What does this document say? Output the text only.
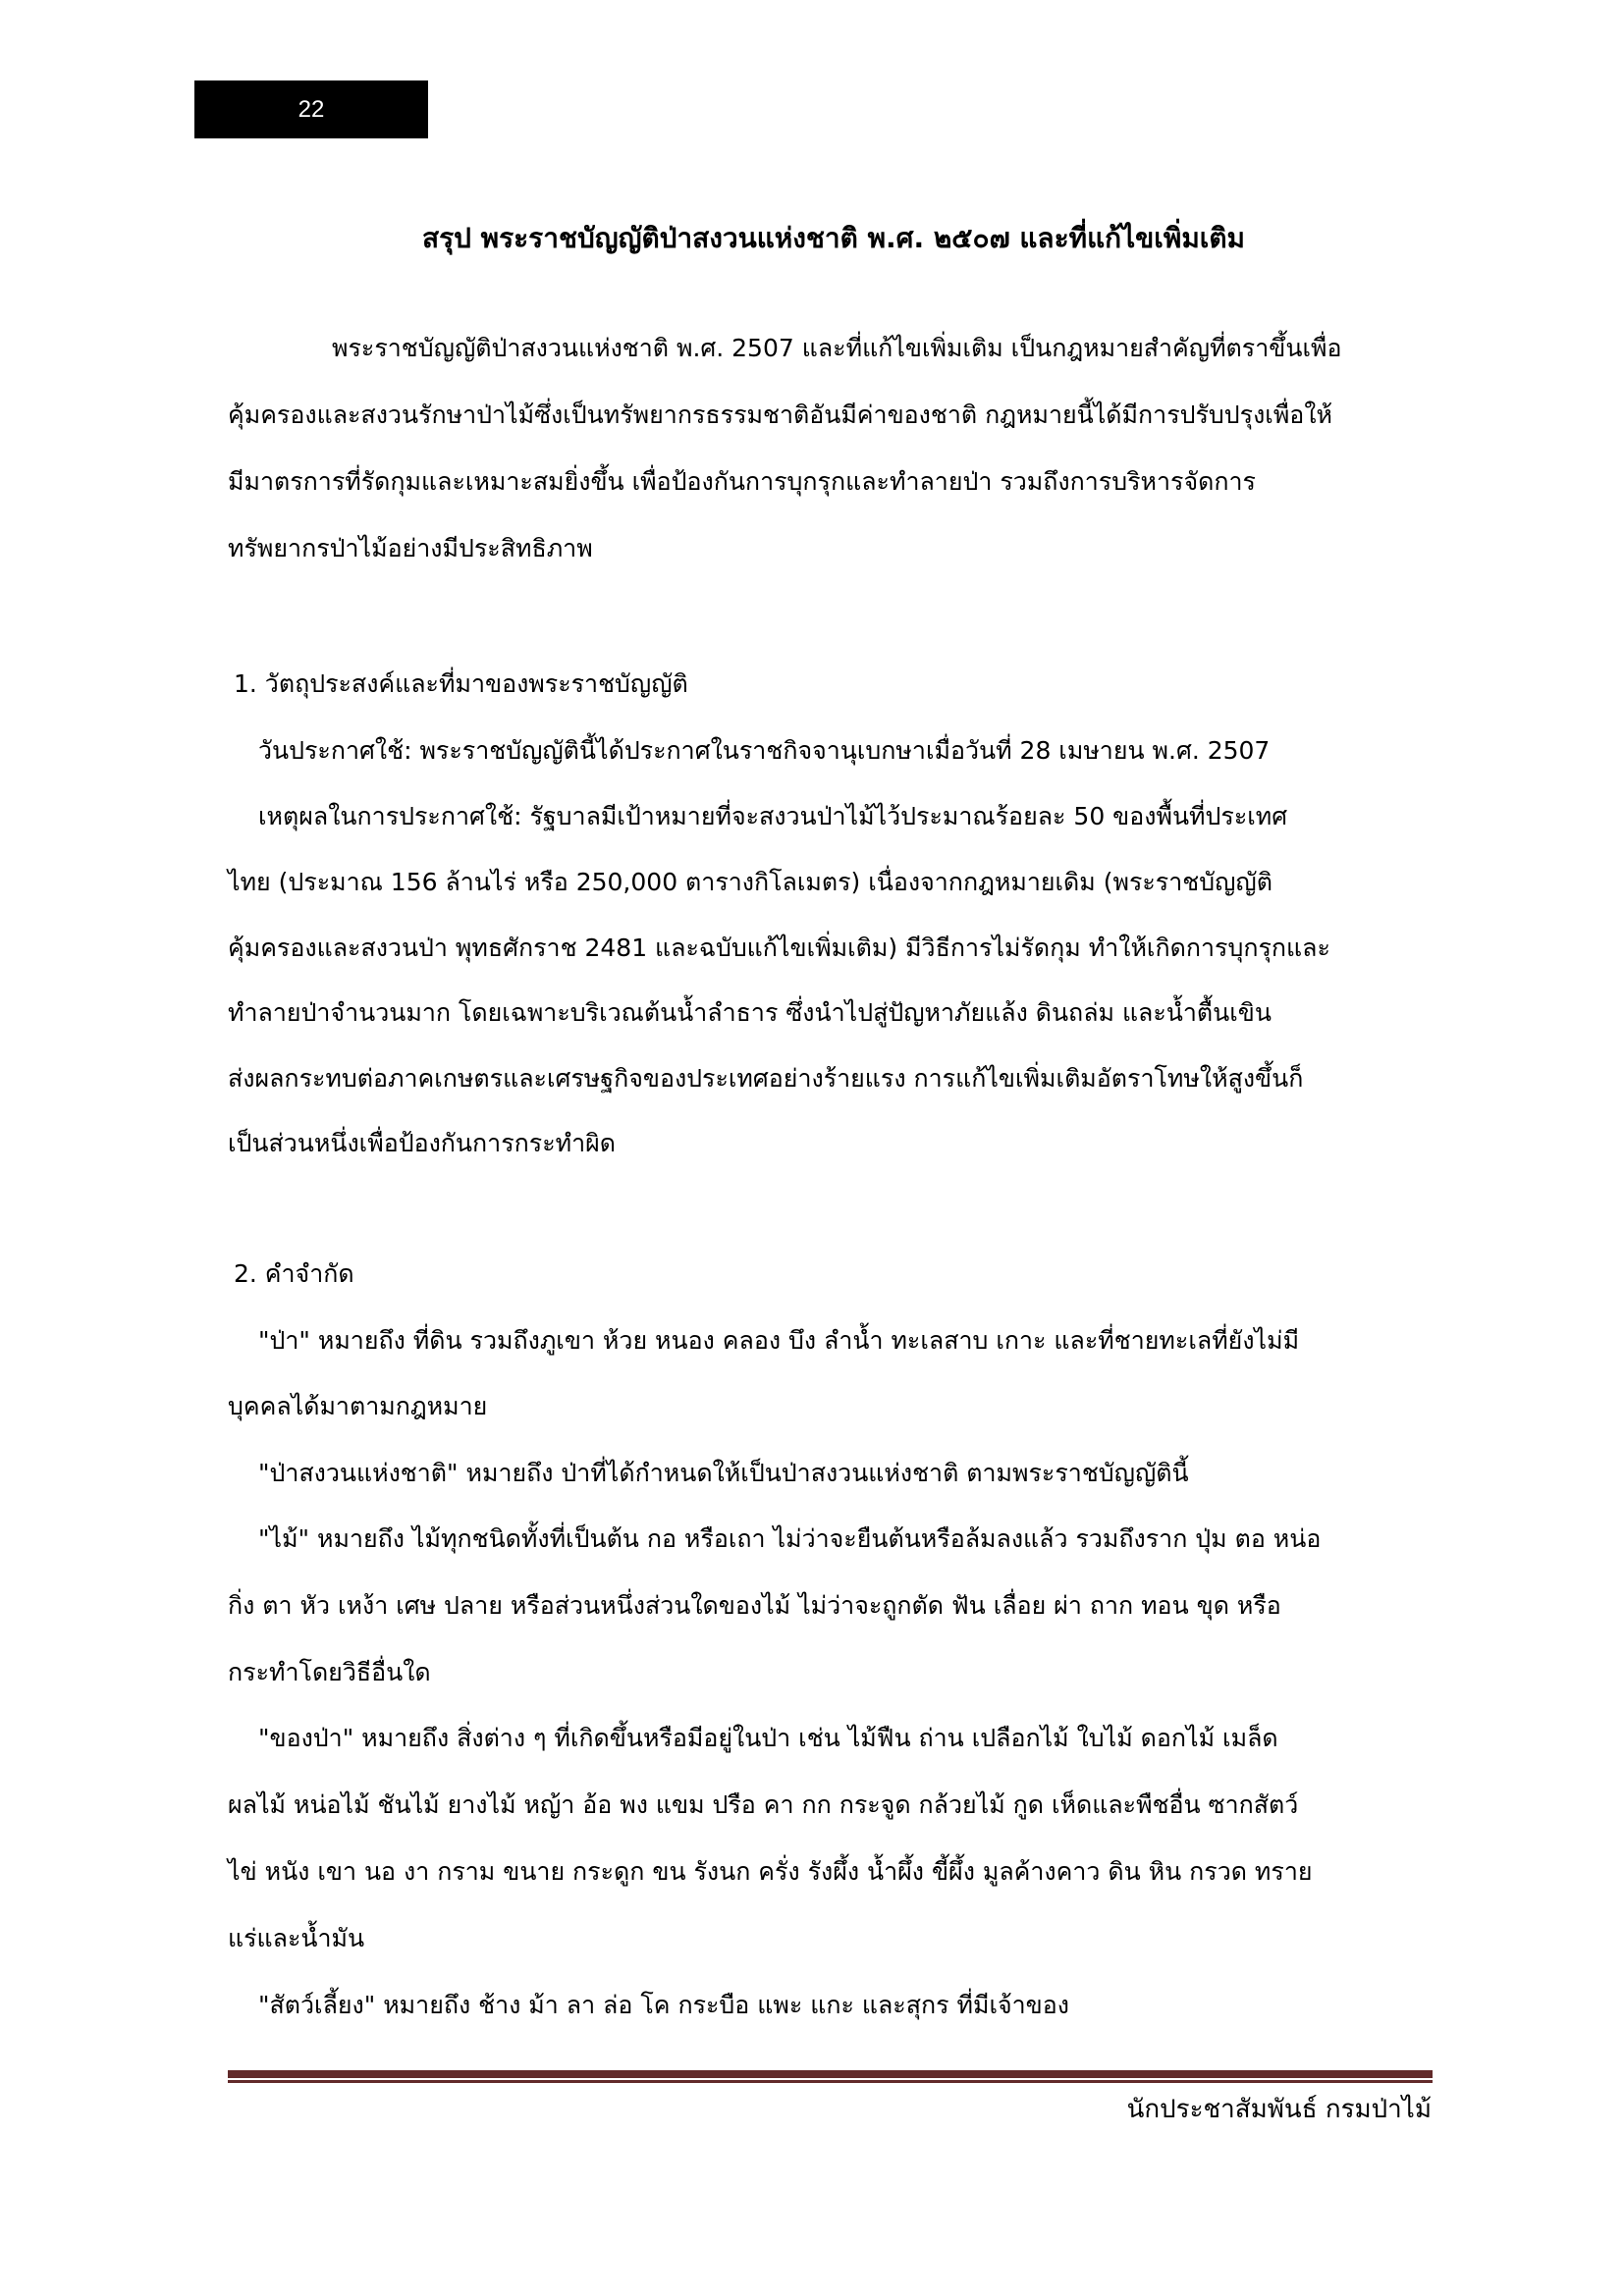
22
สรุป พระราชบัญญัติป่าสงวนแห่งชาติ พ.ศ. ๒๕๐๗ และที่แก้ไขเพิ่มเติม
พระราชบัญญัติป่าสงวนแห่งชาติ พ.ศ. 2507 และที่แก้ไขเพิ่มเติม เป็นกฎหมายสำคัญที่ตราขึ้นเพื่อ
คุ้มครองและสงวนรักษาป่าไม้ซึ่งเป็นทรัพยากรธรรมชาติอันมีค่าของชาติ กฎหมายนี้ได้มีการปรับปรุงเพื่อให้
มีมาตรการที่รัดกุมและเหมาะสมยิ่งขึ้น เพื่อป้องกันการบุกรุกและทำลายป่า รวมถึงการบริหารจัดการ
ทรัพยากรป่าไม้อย่างมีประสิทธิภาพ
1. วัตถุประสงค์และที่มาของพระราชบัญญัติ
วันประกาศใช้: พระราชบัญญัตินี้ได้ประกาศในราชกิจจานุเบกษาเมื่อวันที่ 28 เมษายน พ.ศ. 2507
เหตุผลในการประกาศใช้: รัฐบาลมีเป้าหมายที่จะสงวนป่าไม้ไว้ประมาณร้อยละ 50 ของพื้นที่ประเทศ
ไทย (ประมาณ 156 ล้านไร่ หรือ 250,000 ตารางกิโลเมตร) เนื่องจากกฎหมายเดิม (พระราชบัญญัติ
คุ้มครองและสงวนป่า พุทธศักราช 2481 และฉบับแก้ไขเพิ่มเติม) มีวิธีการไม่รัดกุม ทำให้เกิดการบุกรุกและ
ทำลายป่าจำนวนมาก โดยเฉพาะบริเวณต้นน้ำลำธาร ซึ่งนำไปสู่ปัญหาภัยแล้ง ดินถล่ม และน้ำตื้นเขิน
ส่งผลกระทบต่อภาคเกษตรและเศรษฐกิจของประเทศอย่างร้ายแรง การแก้ไขเพิ่มเติมอัตราโทษให้สูงขึ้นก็
เป็นส่วนหนึ่งเพื่อป้องกันการกระทำผิด
2. คำจำกัด
"ป่า" หมายถึง ที่ดิน รวมถึงภูเขา ห้วย หนอง คลอง บึง ลำน้ำ ทะเลสาบ เกาะ และที่ชายทะเลที่ยังไม่มี
บุคคลได้มาตามกฎหมาย
"ป่าสงวนแห่งชาติ" หมายถึง ป่าที่ได้กำหนดให้เป็นป่าสงวนแห่งชาติ ตามพระราชบัญญัตินี้
"ไม้" หมายถึง ไม้ทุกชนิดทั้งที่เป็นต้น กอ หรือเถา ไม่ว่าจะยืนต้นหรือล้มลงแล้ว รวมถึงราก ปุ่ม ตอ หน่อ
กิ่ง ตา หัว เหง้า เศษ ปลาย หรือส่วนหนึ่งส่วนใดของไม้ ไม่ว่าจะถูกตัด ฟัน เลื่อย ผ่า ถาก ทอน ขุด หรือ
กระทำโดยวิธีอื่นใด
"ของป่า" หมายถึง สิ่งต่าง ๆ ที่เกิดขึ้นหรือมีอยู่ในป่า เช่น ไม้ฟืน ถ่าน เปลือกไม้ ใบไม้ ดอกไม้ เมล็ด
ผลไม้ หน่อไม้ ชันไม้ ยางไม้ หญ้า อ้อ พง แขม ปรือ คา กก กระจูด กล้วยไม้ กูด เห็ดและพืชอื่น ซากสัตว์
ไข่ หนัง เขา นอ งา กราม ขนาย กระดูก ขน รังนก ครั่ง รังผึ้ง น้ำผึ้ง ขี้ผึ้ง มูลค้างคาว ดิน หิน กรวด ทราย
แร่และน้ำมัน
"สัตว์เลี้ยง" หมายถึง ช้าง ม้า ลา ล่อ โค กระบือ แพะ แกะ และสุกร ที่มีเจ้าของ
นักประชาสัมพันธ์ กรมป่าไม้
